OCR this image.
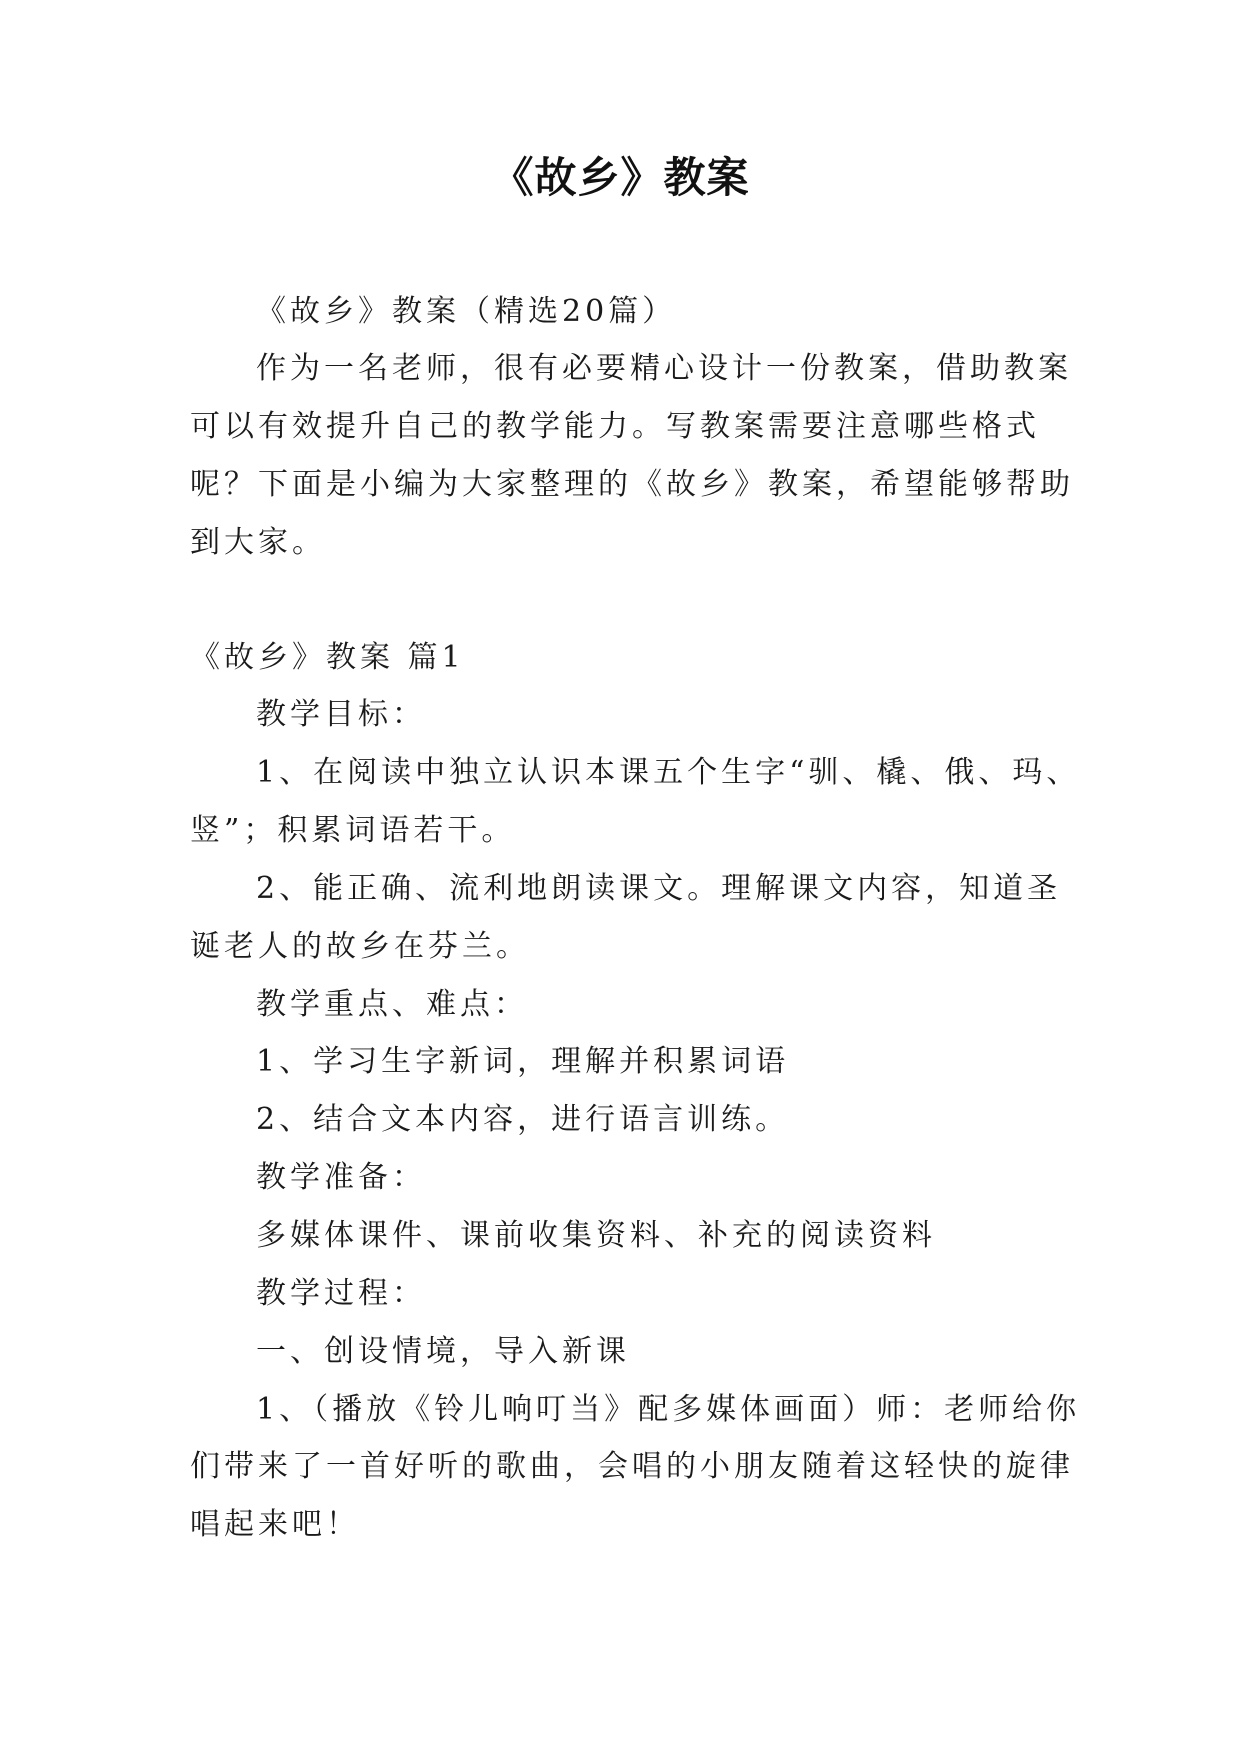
《故乡》教案
《故乡》教案（精选20篇）
作为一名老师，很有必要精心设计一份教案，借助教案
可以有效提升自己的教学能力。写教案需要注意哪些格式
呢？下面是小编为大家整理的《故乡》教案，希望能够帮助
到大家。
《故乡》教案 篇1
教学目标：
1、在阅读中独立认识本课五个生字“驯、橇、俄、玛、
竖”；积累词语若干。
2、能正确、流利地朗读课文。理解课文内容，知道圣
诞老人的故乡在芬兰。
教学重点、难点：
1、学习生字新词，理解并积累词语
2、结合文本内容，进行语言训练。
教学准备：
多媒体课件、课前收集资料、补充的阅读资料
教学过程：
一、创设情境，导入新课
1、（播放《铃儿响叮当》配多媒体画面）师：老师给你
们带来了一首好听的歌曲，会唱的小朋友随着这轻快的旋律
唱起来吧！
